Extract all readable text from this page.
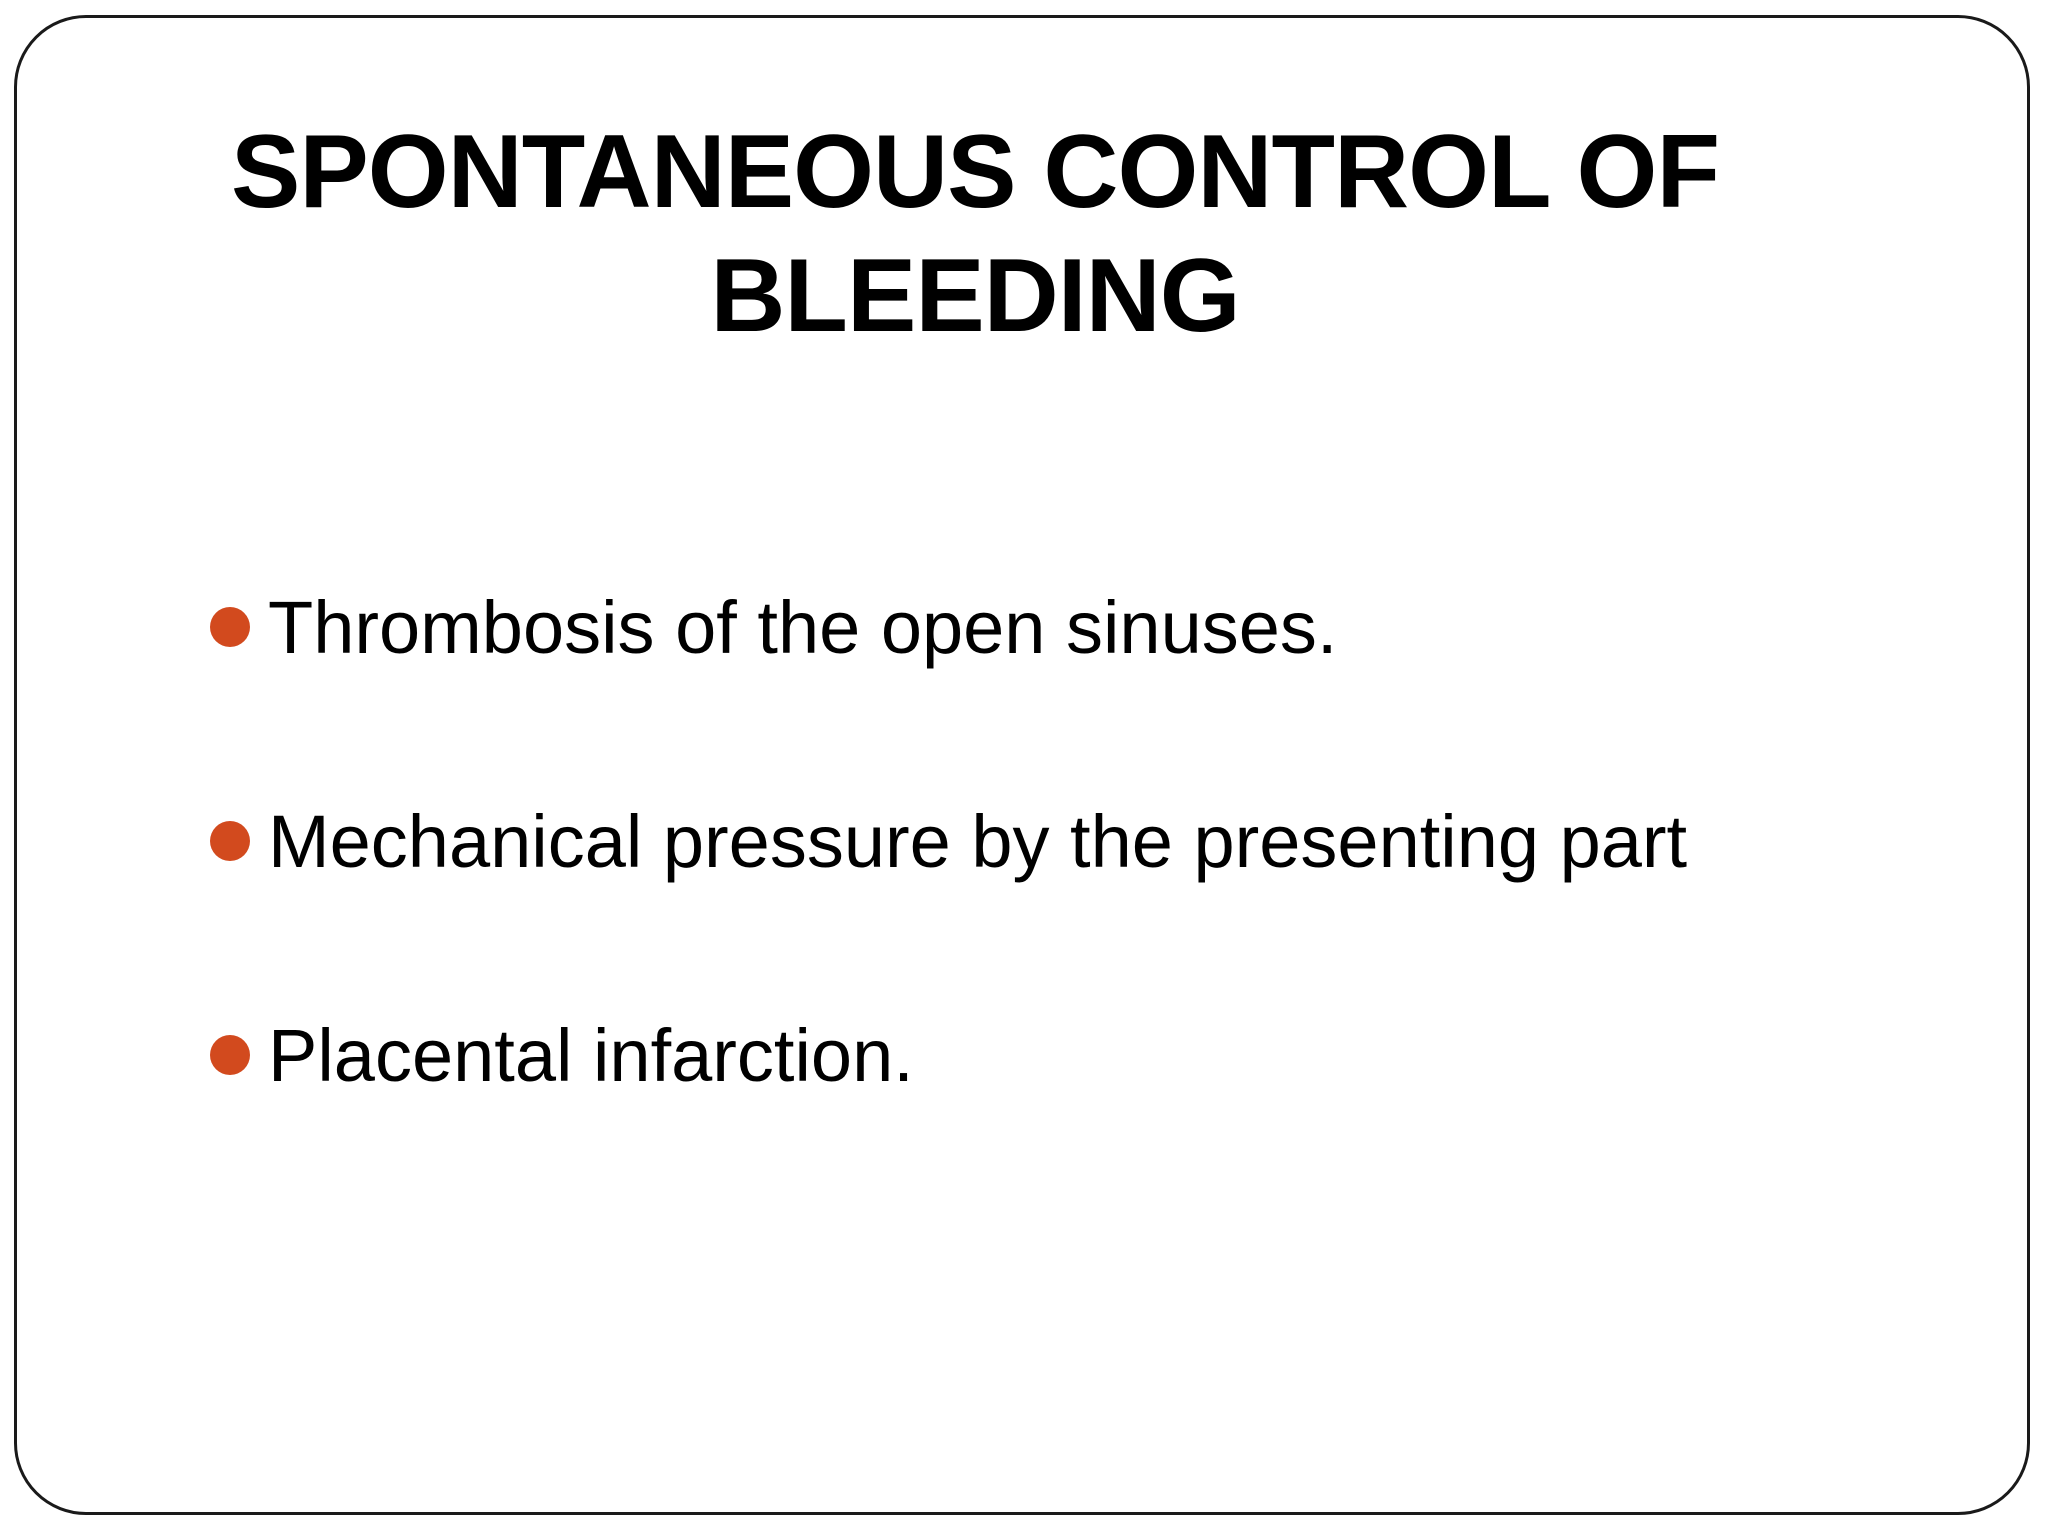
SPONTANEOUS CONTROL OF
BLEEDING
Thrombosis of the open sinuses.
Mechanical pressure by the presenting part
Placental infarction.
